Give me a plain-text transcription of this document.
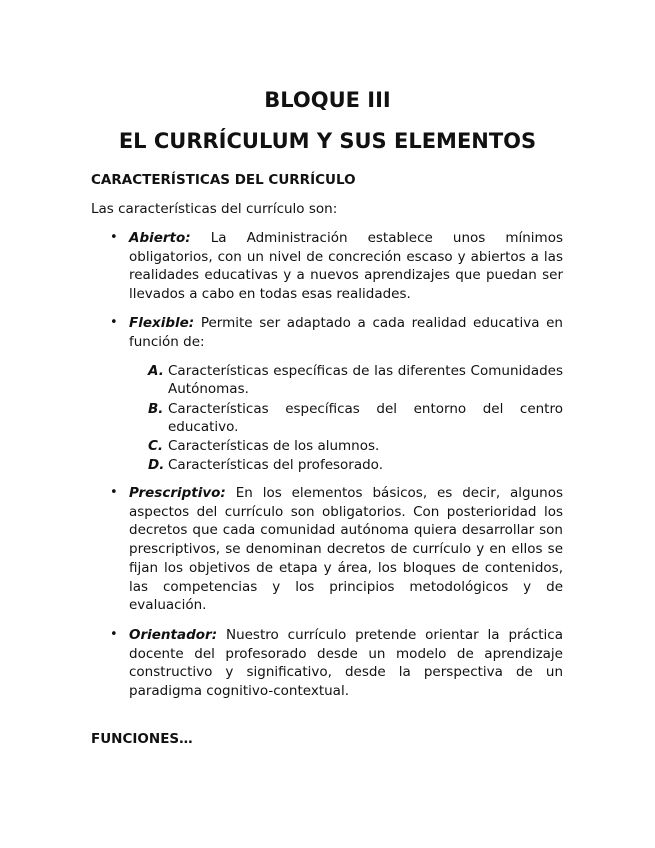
BLOQUE III
EL CURRÍCULUM Y SUS ELEMENTOS
CARACTERÍSTICAS DEL CURRÍCULO

Las características del currículo son:

• Abierto: La Administración establece unos mínimos obligatorios, con un nivel de concreción escaso y abiertos a las realidades educativas y a nuevos aprendizajes que puedan ser llevados a cabo en todas esas realidades.
• Flexible: Permite ser adaptado a cada realidad educativa en función de:
A. Características específicas de las diferentes Comunidades Autónomas.
B. Características específicas del entorno del centro educativo.
C. Características de los alumnos.
D. Características del profesorado.
• Prescriptivo: En los elementos básicos, es decir, algunos aspectos del currículo son obligatorios. Con posterioridad los decretos que cada comunidad autónoma quiera desarrollar son prescriptivos, se denominan decretos de currículo y en ellos se fijan los objetivos de etapa y área, los bloques de contenidos, las competencias y los principios metodológicos y de evaluación.
• Orientador: Nuestro currículo pretende orientar la práctica docente del profesorado desde un modelo de aprendizaje constructivo y significativo, desde la perspectiva de un paradigma cognitivo-contextual.
FUNCIONES…
